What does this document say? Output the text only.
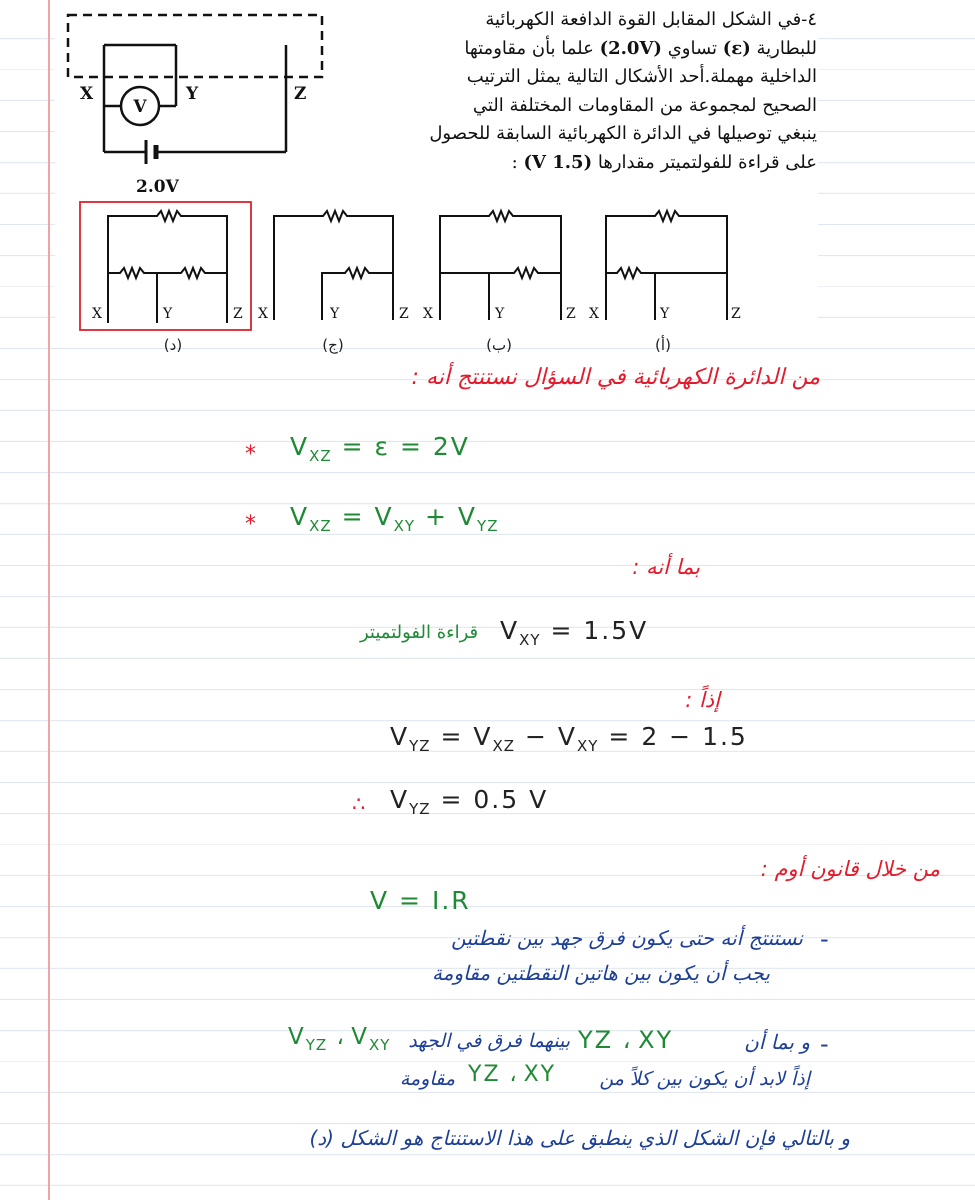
٤-في الشكل المقابل القوة الدافعة الكهربائية
للبطارية (ε) تساوي (2.0V) علما بأن مقاومتها
الداخلية مهملة.أحد الأشكال التالية يمثل الترتيب
الصحيح لمجموعة من المقاومات المختلفة التي
ينبغي توصيلها في الدائرة الكهربائية السابقة للحصول
على قراءة للفولتميتر مقدارها (1.5 V) :
V
X	Y	Z
2.0V
X	Y	Z
(د)
X	Y	Z
(ج)
X	Y	Z
(ب)
X	Y	Z
(أ)
من الدائرة الكهربائية في السؤال نستنتج أنه :
* $V_{XZ} = \varepsilon = 2V$
* $V_{XZ} = V_{XY} + V_{YZ}$
بما أنه :
قراءة الفولتميتر $V_{XY} = 1.5V$
إذاً :
$V_{YZ} = V_{XZ} - V_{XY} = 2 - 1.5$
∴ $V_{YZ} = 0.5$ V
من خلال قانون أوم :
V = I.R
-
نستنتج أنه حتى يكون فرق جهد بين نقطتين
يجب أن يكون بين هاتين النقطتين مقاومة
-
و بما أن
YZ ، XY
بينهما فرق في الجهد
$V_{YZ}$ ، $V_{XY}$
إذاً لابد أن يكون بين كلاً من
YZ ، XY
مقاومة
و بالتالي فإن الشكل الذي ينطبق على هذا الاستنتاج هو الشكل (د)
